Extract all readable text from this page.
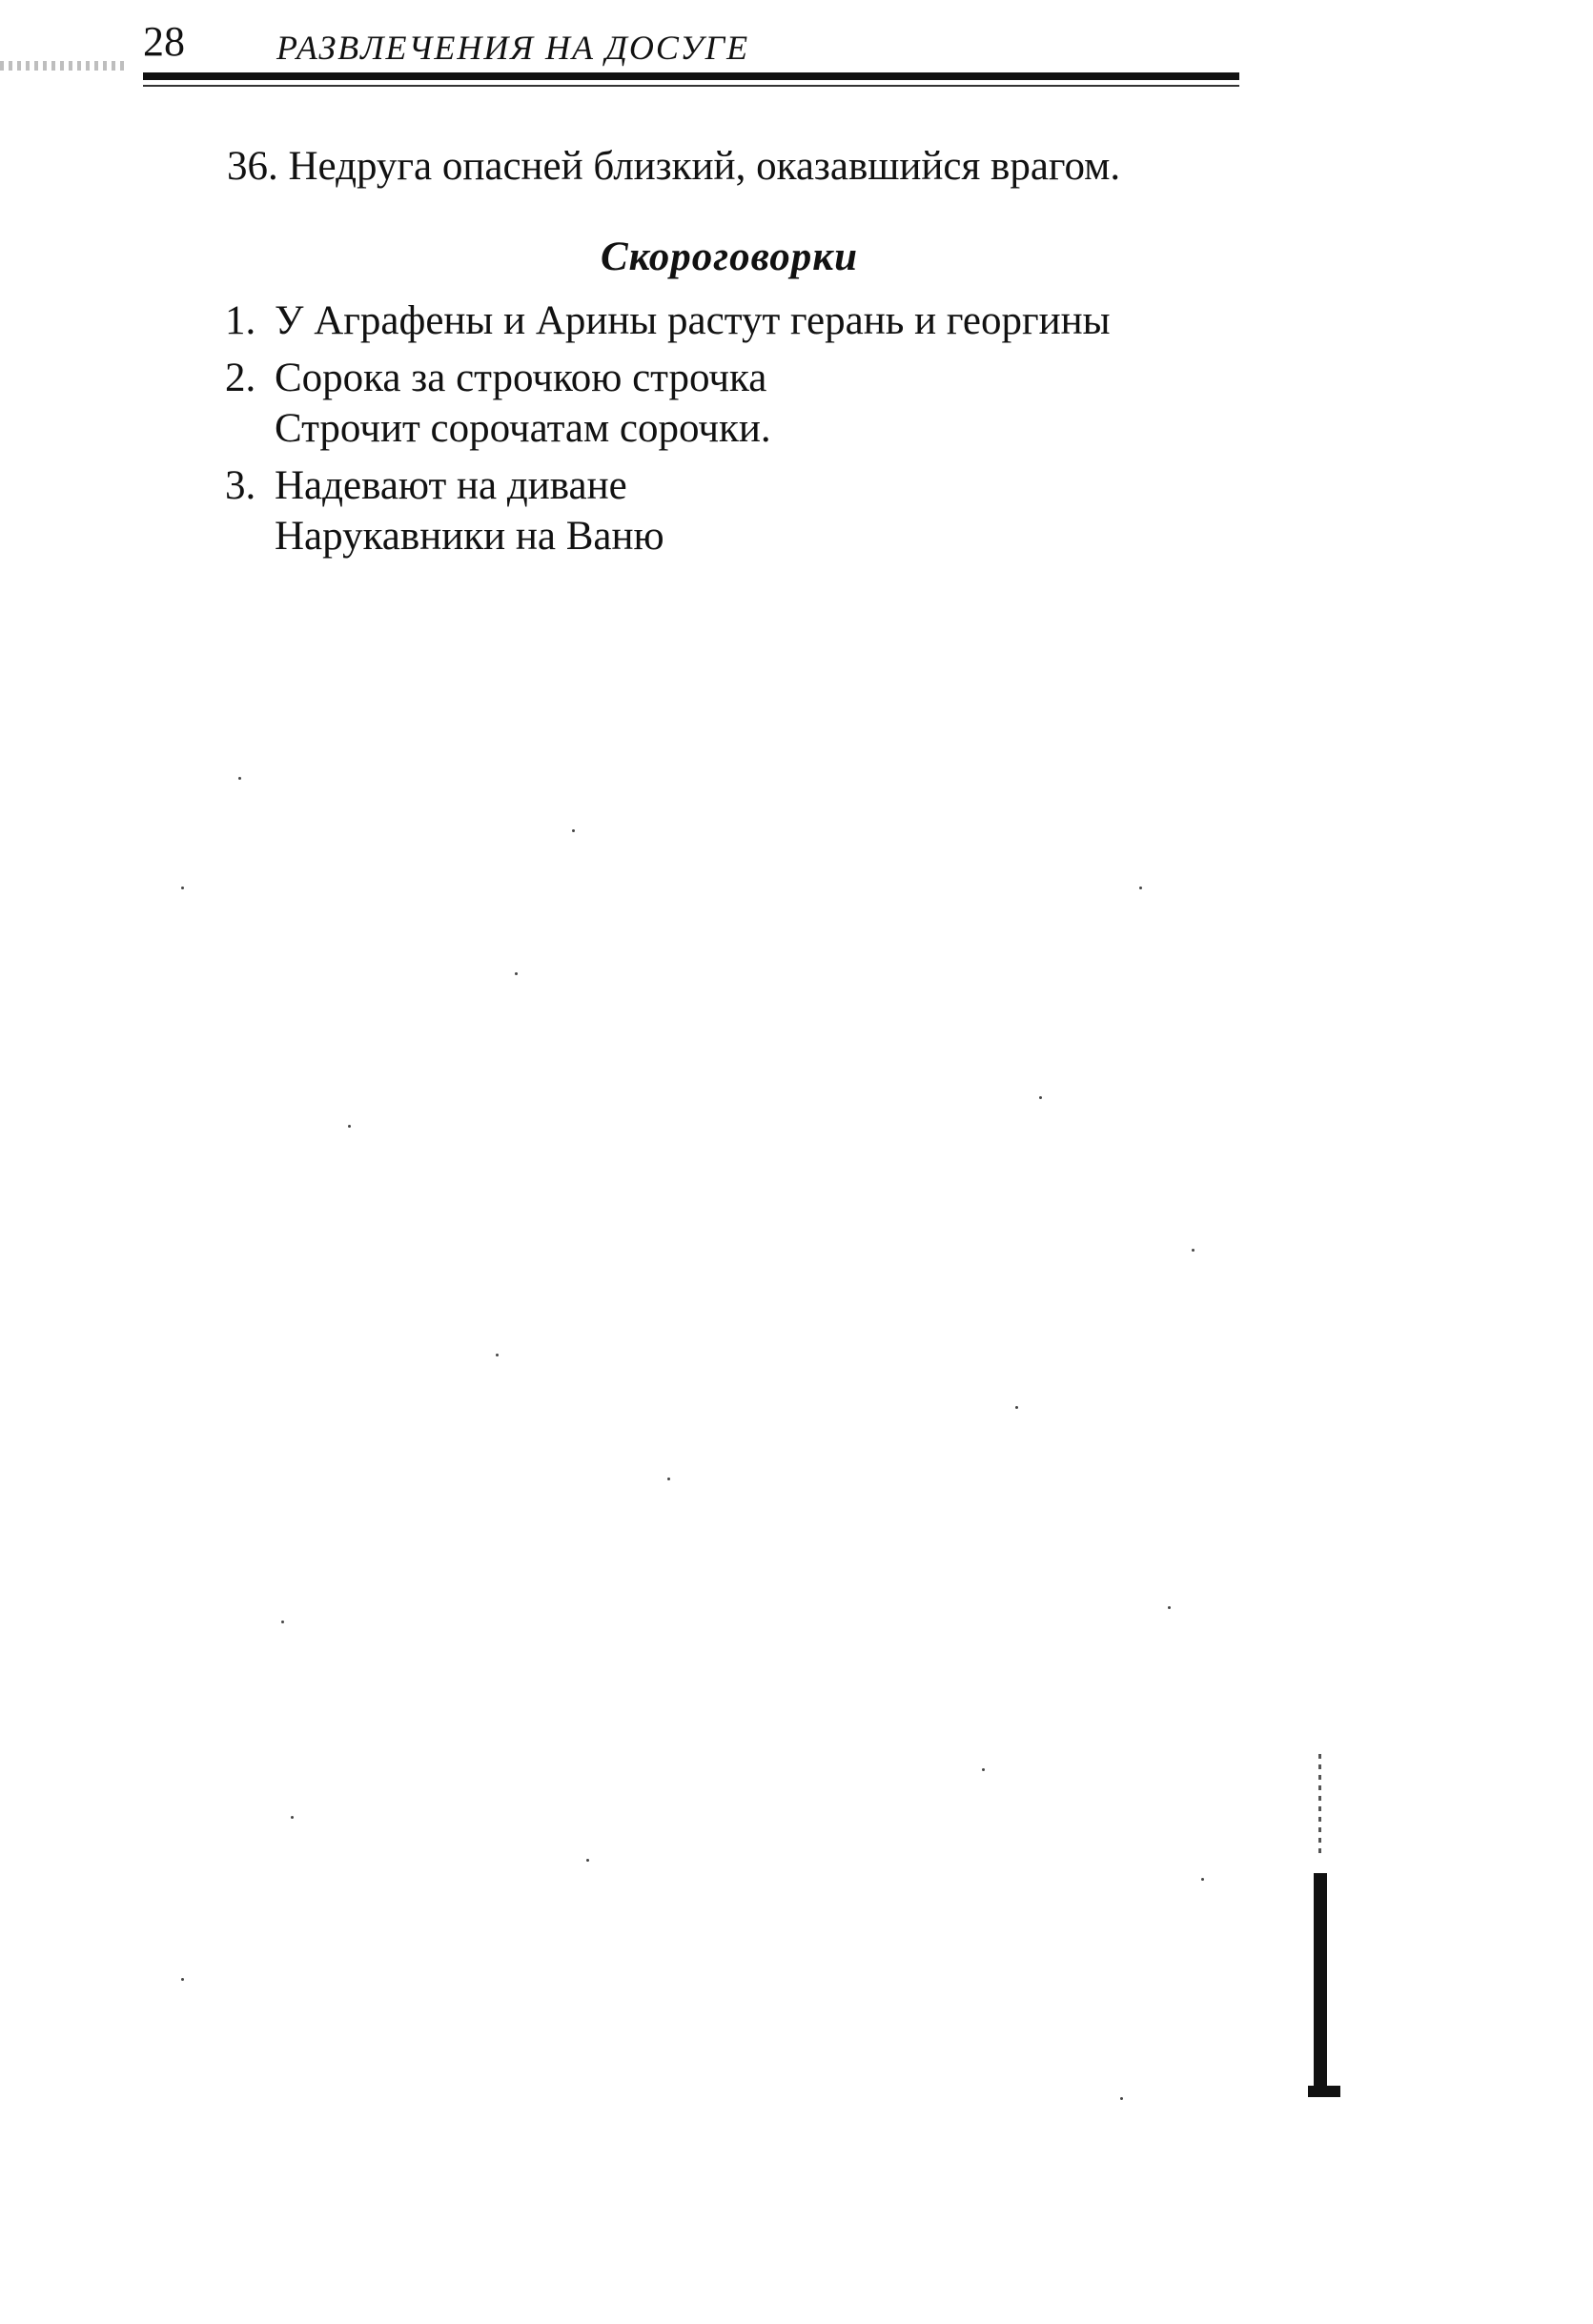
28	РАЗВЛЕЧЕНИЯ НА ДОСУГЕ

36. Недруга опасней близкий, оказавшийся врагом.

Скороговорки
1. У Аграфены и Арины растут герань и георгины
2. Сорока за строчкою строчка
Строчит сорочатам сорочки.
3. Надевают на диване
Нарукавники на Ваню
